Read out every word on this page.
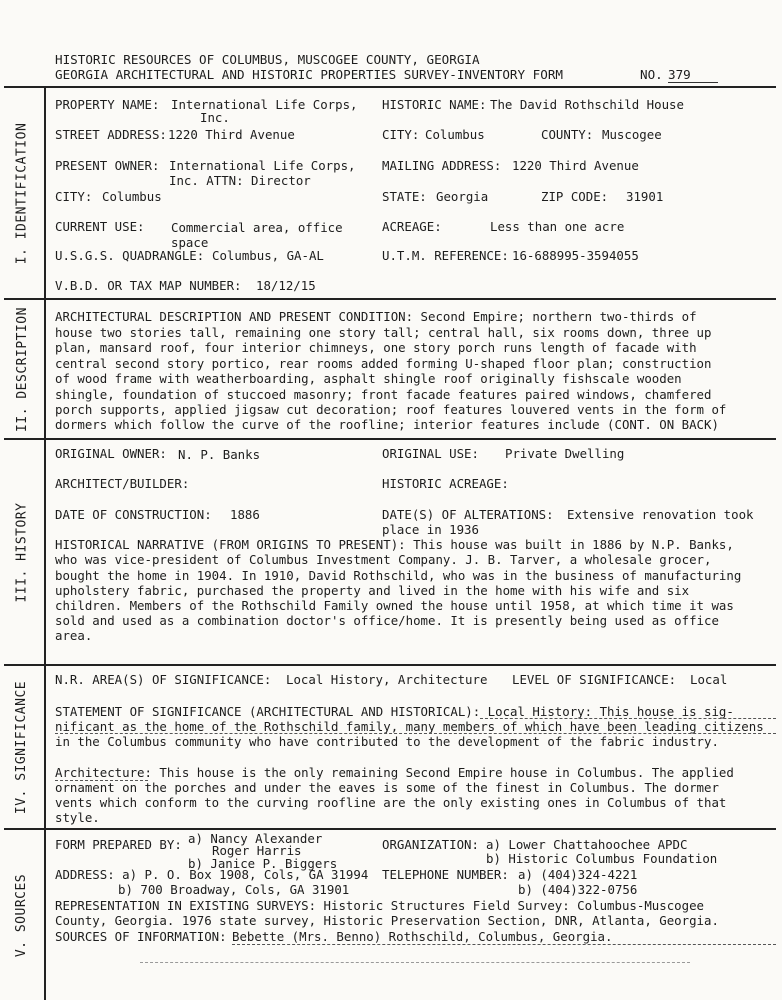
HISTORIC RESOURCES OF COLUMBUS, MUSCOGEE COUNTY, GEORGIA
GEORGIA ARCHITECTURAL AND HISTORIC PROPERTIES SURVEY-INVENTORY FORM	NO. 379
I. IDENTIFICATION
II. DESCRIPTION
III. HISTORY
IV. SIGNIFICANCE
V. SOURCES
PROPERTY NAME: International Life Corps,
Inc.
HISTORIC NAME: The David Rothschild House
STREET ADDRESS: 1220 Third Avenue	CITY: Columbus	COUNTY: Muscogee
PRESENT OWNER: International Life Corps,
Inc. ATTN: Director
MAILING ADDRESS: 1220 Third Avenue
CITY: Columbus	STATE: Georgia	ZIP CODE: 31901
CURRENT USE: Commercial area, office
space
ACREAGE:	Less than one acre
U.S.G.S. QUADRANGLE: Columbus, GA-AL	U.T.M. REFERENCE: 16-688995-3594055
V.B.D. OR TAX MAP NUMBER: 18/12/15
ARCHITECTURAL DESCRIPTION AND PRESENT CONDITION: Second Empire; northern two-thirds of
house two stories tall, remaining one story tall; central hall, six rooms down, three up
plan, mansard roof, four interior chimneys, one story porch runs length of facade with
central second story portico, rear rooms added forming U-shaped floor plan; construction
of wood frame with weatherboarding, asphalt shingle roof originally fishscale wooden
shingle, foundation of stuccoed masonry; front facade features paired windows, chamfered
porch supports, applied jigsaw cut decoration; roof features louvered vents in the form of
dormers which follow the curve of the roofline; interior features include (CONT. ON BACK)
ORIGINAL OWNER: N. P. Banks	ORIGINAL USE: Private Dwelling
ARCHITECT/BUILDER:	HISTORIC ACREAGE:
DATE OF CONSTRUCTION: 1886	DATE(S) OF ALTERATIONS: Extensive renovation took
place in 1936
HISTORICAL NARRATIVE (FROM ORIGINS TO PRESENT): This house was built in 1886 by N.P. Banks,
who was vice-president of Columbus Investment Company. J. B. Tarver, a wholesale grocer,
bought the home in 1904. In 1910, David Rothschild, who was in the business of manufacturing
upholstery fabric, purchased the property and lived in the home with his wife and six
children. Members of the Rothschild Family owned the house until 1958, at which time it was
sold and used as a combination doctor's office/home. It is presently being used as office
area.
N.R. AREA(S) OF SIGNIFICANCE: Local History, Architecture LEVEL OF SIGNIFICANCE: Local
STATEMENT OF SIGNIFICANCE (ARCHITECTURAL AND HISTORICAL): Local History: This house is sig-
nificant as the home of the Rothschild family, many members of which have been leading citizens
in the Columbus community who have contributed to the development of the fabric industry.
Architecture: This house is the only remaining Second Empire house in Columbus. The applied
ornament on the porches and under the eaves is some of the finest in Columbus. The dormer
vents which conform to the curving roofline are the only existing ones in Columbus of that
style.
FORM PREPARED BY: a) Nancy Alexander
Roger Harris
b) Janice P. Biggers
ORGANIZATION: a) Lower Chattahoochee APDC
b) Historic Columbus Foundation
ADDRESS: a) P. O. Box 1908, Cols, GA 31994 TELEPHONE NUMBER: a) (404)324-4221
b) 700 Broadway, Cols, GA 31901	b) (404)322-0756
REPRESENTATION IN EXISTING SURVEYS: Historic Structures Field Survey: Columbus-Muscogee
County, Georgia. 1976 state survey, Historic Preservation Section, DNR, Atlanta, Georgia.
SOURCES OF INFORMATION: Bebette (Mrs. Benno) Rothschild, Columbus, Georgia.
